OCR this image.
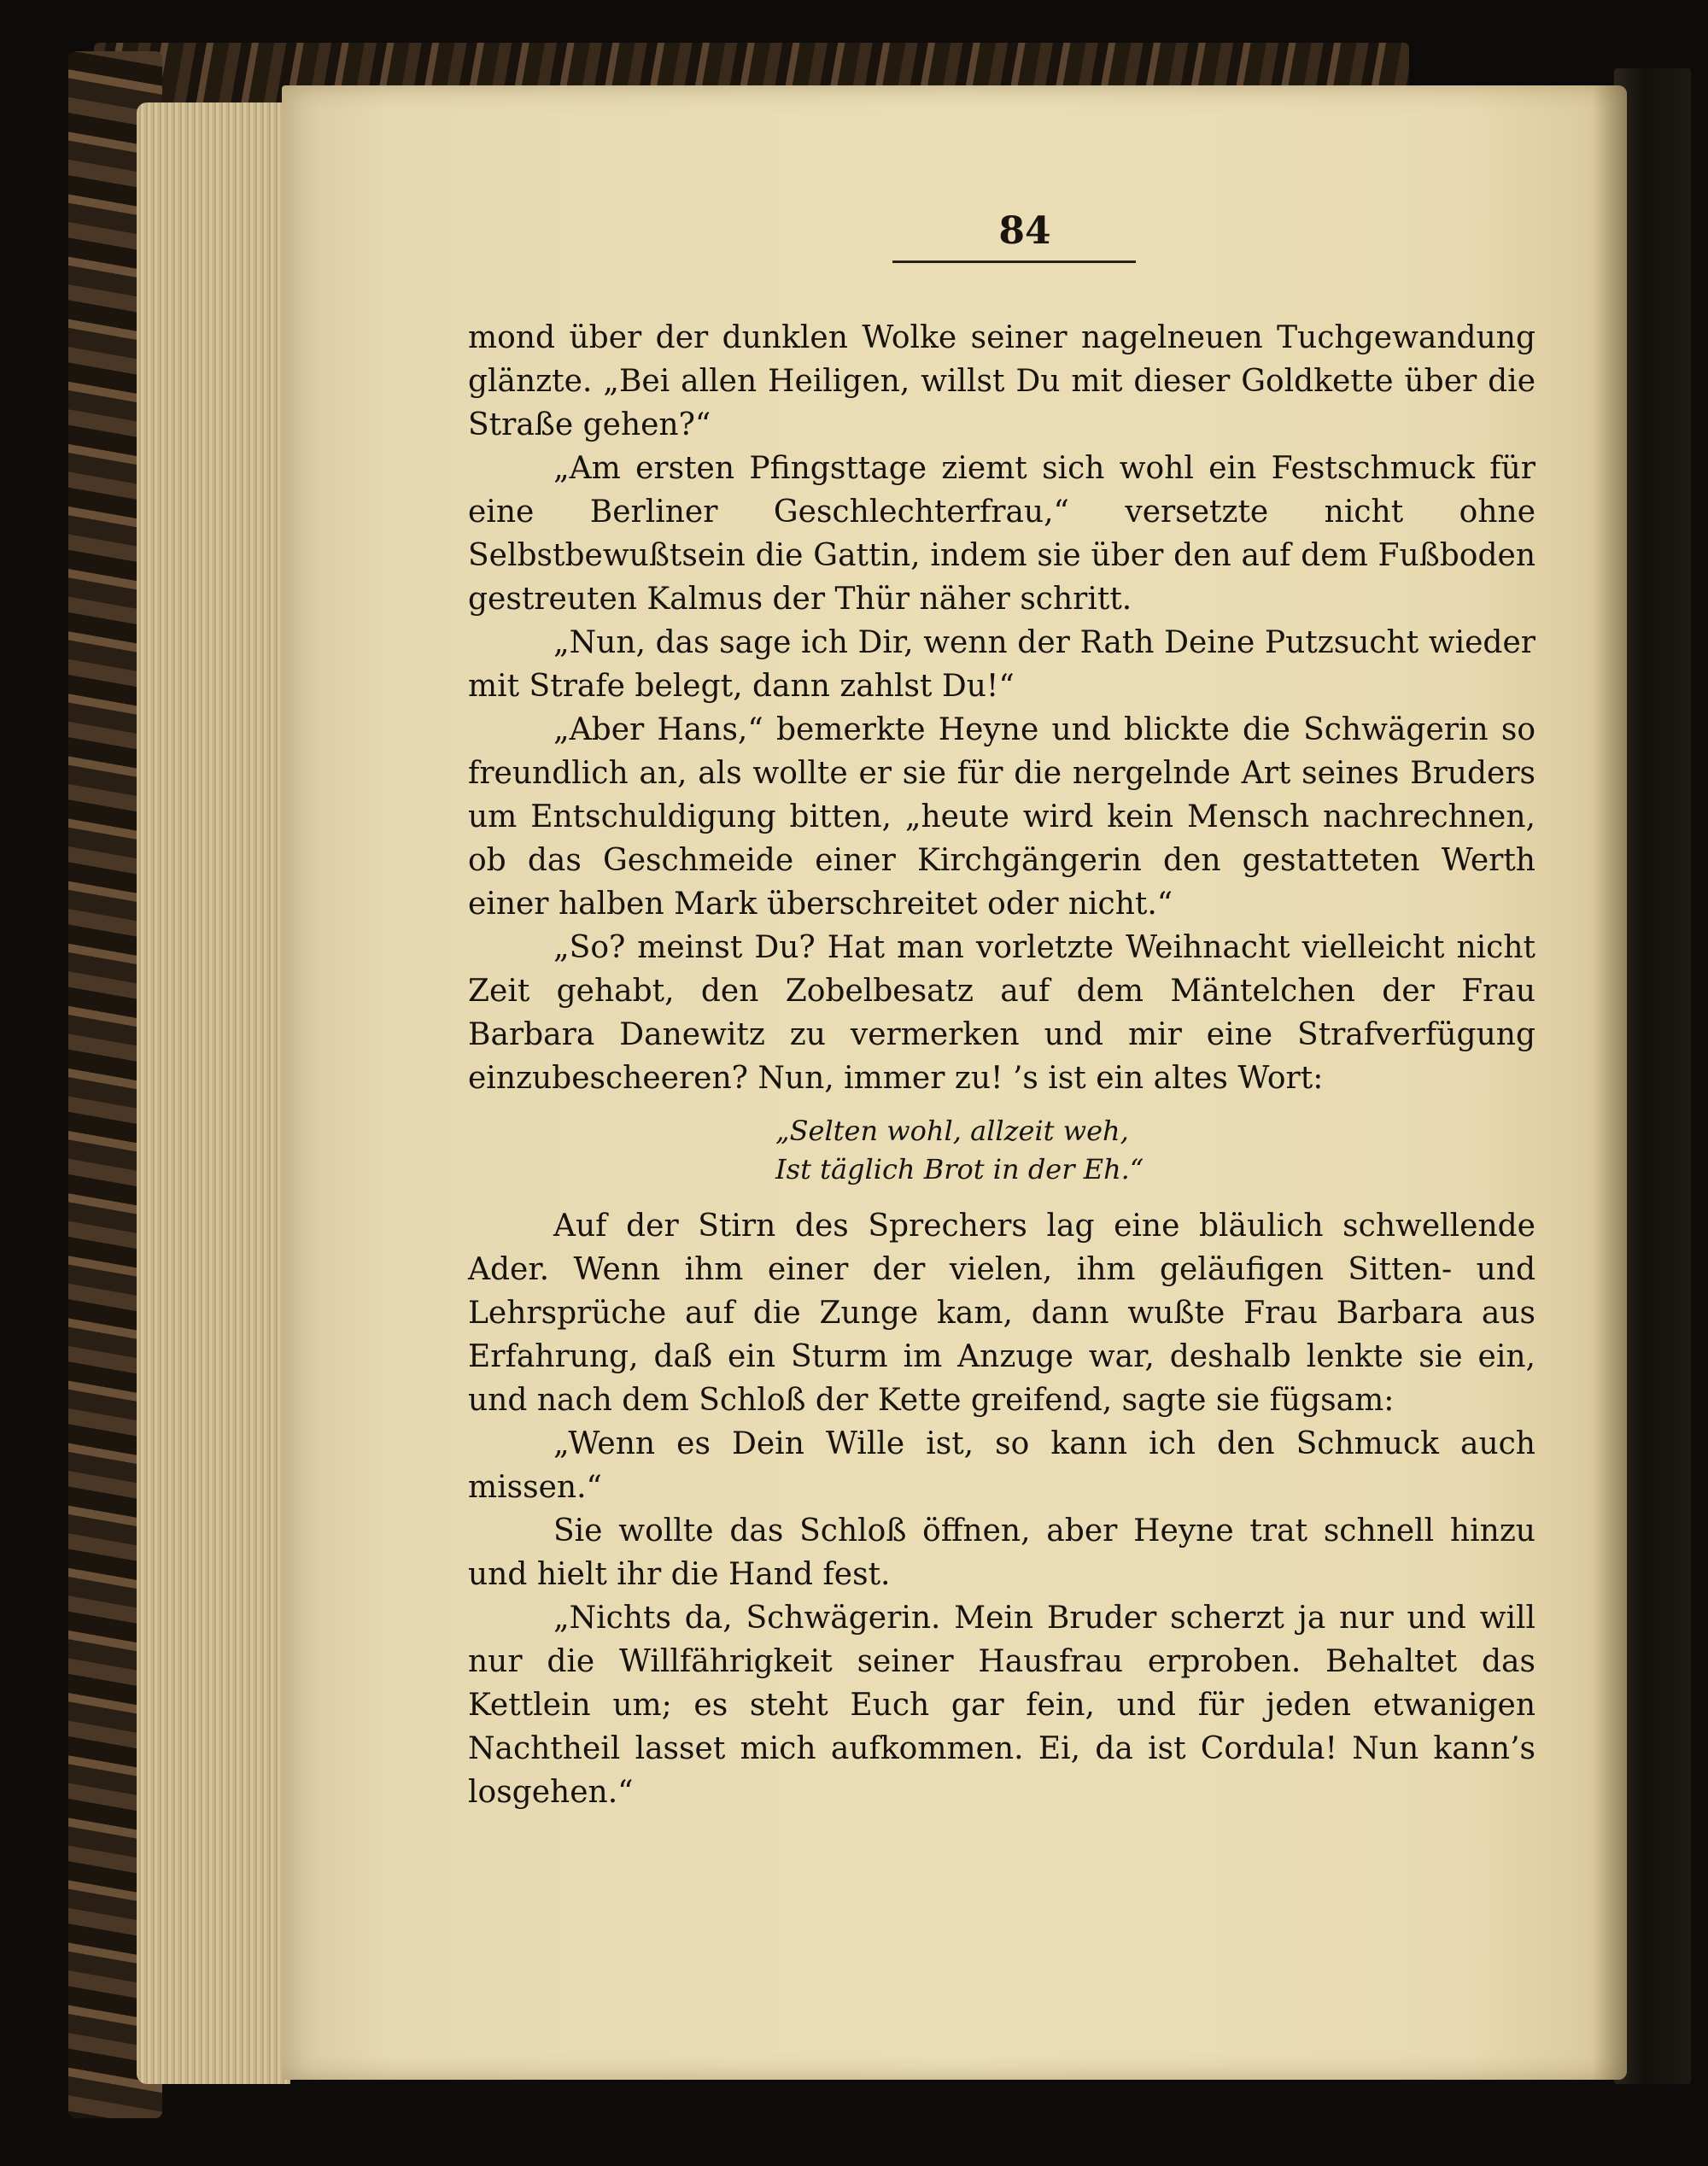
84

mond über der dunklen Wolke seiner nagelneuen Tuchgewandung glänzte. „Bei allen Heiligen, willst Du mit dieser Goldkette über die Straße gehen?“

„Am ersten Pfingsttage ziemt sich wohl ein Festschmuck für eine Berliner Geschlechterfrau,“ versetzte nicht ohne Selbstbewußtsein die Gattin, indem sie über den auf dem Fußboden gestreuten Kalmus der Thür näher schritt.

„Nun, das sage ich Dir, wenn der Rath Deine Putzsucht wieder mit Strafe belegt, dann zahlst Du!“

„Aber Hans,“ bemerkte Heyne und blickte die Schwägerin so freundlich an, als wollte er sie für die nergelnde Art seines Bruders um Entschuldigung bitten, „heute wird kein Mensch nachrechnen, ob das Geschmeide einer Kirchgängerin den gestatteten Werth einer halben Mark überschreitet oder nicht.“

„So? meinst Du? Hat man vorletzte Weihnacht vielleicht nicht Zeit gehabt, den Zobelbesatz auf dem Mäntelchen der Frau Barbara Danewitz zu vermerken und mir eine Strafverfügung einzubescheeren? Nun, immer zu! ’s ist ein altes Wort:

„Selten wohl, allzeit weh,
Ist täglich Brot in der Eh.“

Auf der Stirn des Sprechers lag eine bläulich schwellende Ader. Wenn ihm einer der vielen, ihm geläufigen Sitten- und Lehrsprüche auf die Zunge kam, dann wußte Frau Barbara aus Erfahrung, daß ein Sturm im Anzuge war, deshalb lenkte sie ein, und nach dem Schloß der Kette greifend, sagte sie fügsam:

„Wenn es Dein Wille ist, so kann ich den Schmuck auch missen.“

Sie wollte das Schloß öffnen, aber Heyne trat schnell hinzu und hielt ihr die Hand fest.

„Nichts da, Schwägerin. Mein Bruder scherzt ja nur und will nur die Willfährigkeit seiner Hausfrau erproben. Behaltet das Kettlein um; es steht Euch gar fein, und für jeden etwanigen Nachtheil lasset mich aufkommen. Ei, da ist Cordula! Nun kann’s losgehen.“
